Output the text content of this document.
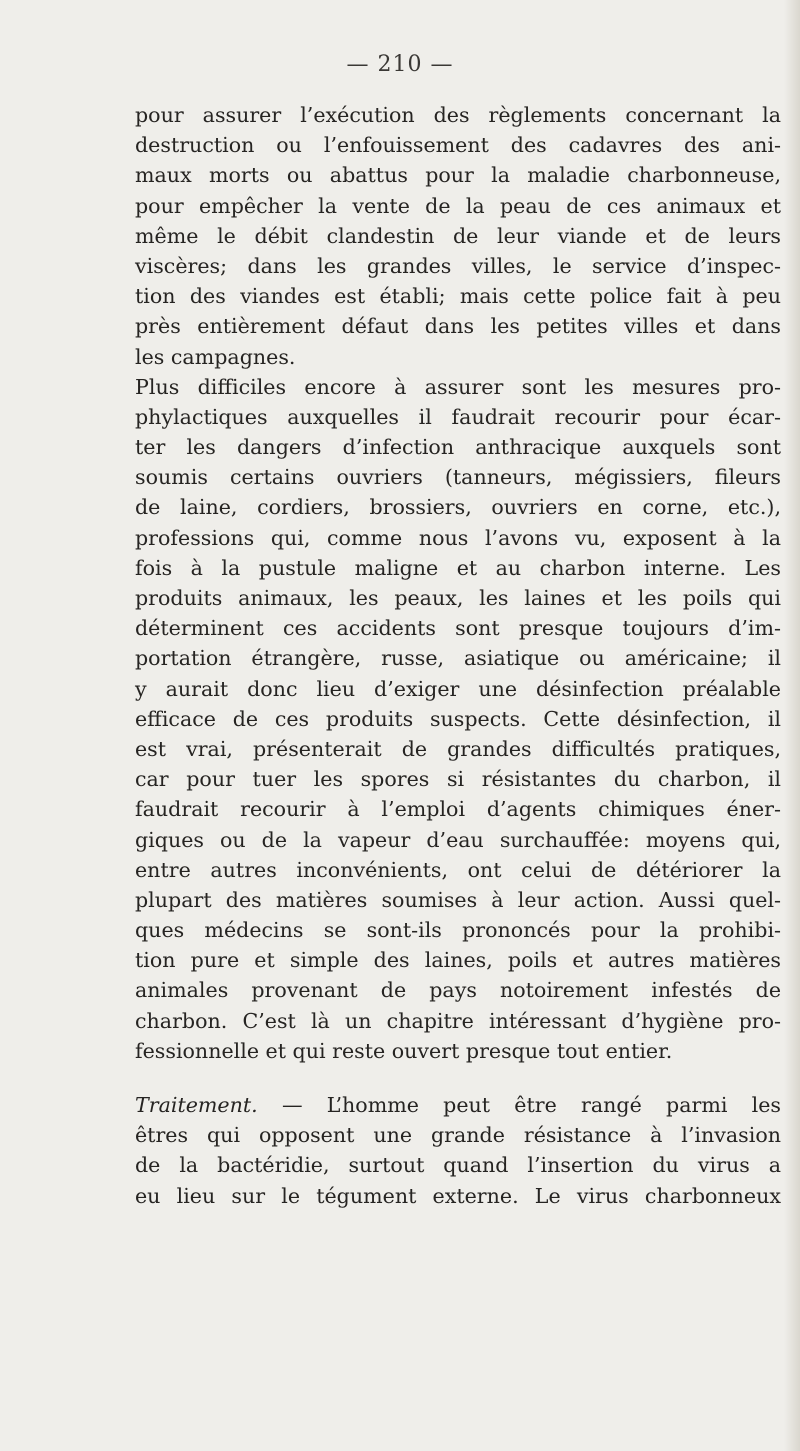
— 210 —
pour assurer l’exécution des règlements concernant la
destruction ou l’enfouissement des cadavres des ani-
maux morts ou abattus pour la maladie charbonneuse,
pour empêcher la vente de la peau de ces animaux et
même le débit clandestin de leur viande et de leurs
viscères; dans les grandes villes, le service d’inspec-
tion des viandes est établi; mais cette police fait à peu
près entièrement défaut dans les petites villes et dans
les campagnes.
Plus difficiles encore à assurer sont les mesures pro-
phylactiques auxquelles il faudrait recourir pour écar-
ter les dangers d’infection anthracique auxquels sont
soumis certains ouvriers (tanneurs, mégissiers, fileurs
de laine, cordiers, brossiers, ouvriers en corne, etc.),
professions qui, comme nous l’avons vu, exposent à la
fois à la pustule maligne et au charbon interne. Les
produits animaux, les peaux, les laines et les poils qui
déterminent ces accidents sont presque toujours d’im-
portation étrangère, russe, asiatique ou américaine; il
y aurait donc lieu d’exiger une désinfection préalable
efficace de ces produits suspects. Cette désinfection, il
est vrai, présenterait de grandes difficultés pratiques,
car pour tuer les spores si résistantes du charbon, il
faudrait recourir à l’emploi d’agents chimiques éner-
giques ou de la vapeur d’eau surchauffée: moyens qui,
entre autres inconvénients, ont celui de détériorer la
plupart des matières soumises à leur action. Aussi quel-
ques médecins se sont-ils prononcés pour la prohibi-
tion pure et simple des laines, poils et autres matières
animales provenant de pays notoirement infestés de
charbon. C’est là un chapitre intéressant d’hygiène pro-
fessionnelle et qui reste ouvert presque tout entier.
Traitement. — L’homme peut être rangé parmi les
êtres qui opposent une grande résistance à l’invasion
de la bactéridie, surtout quand l’insertion du virus a
eu lieu sur le tégument externe. Le virus charbonneux
